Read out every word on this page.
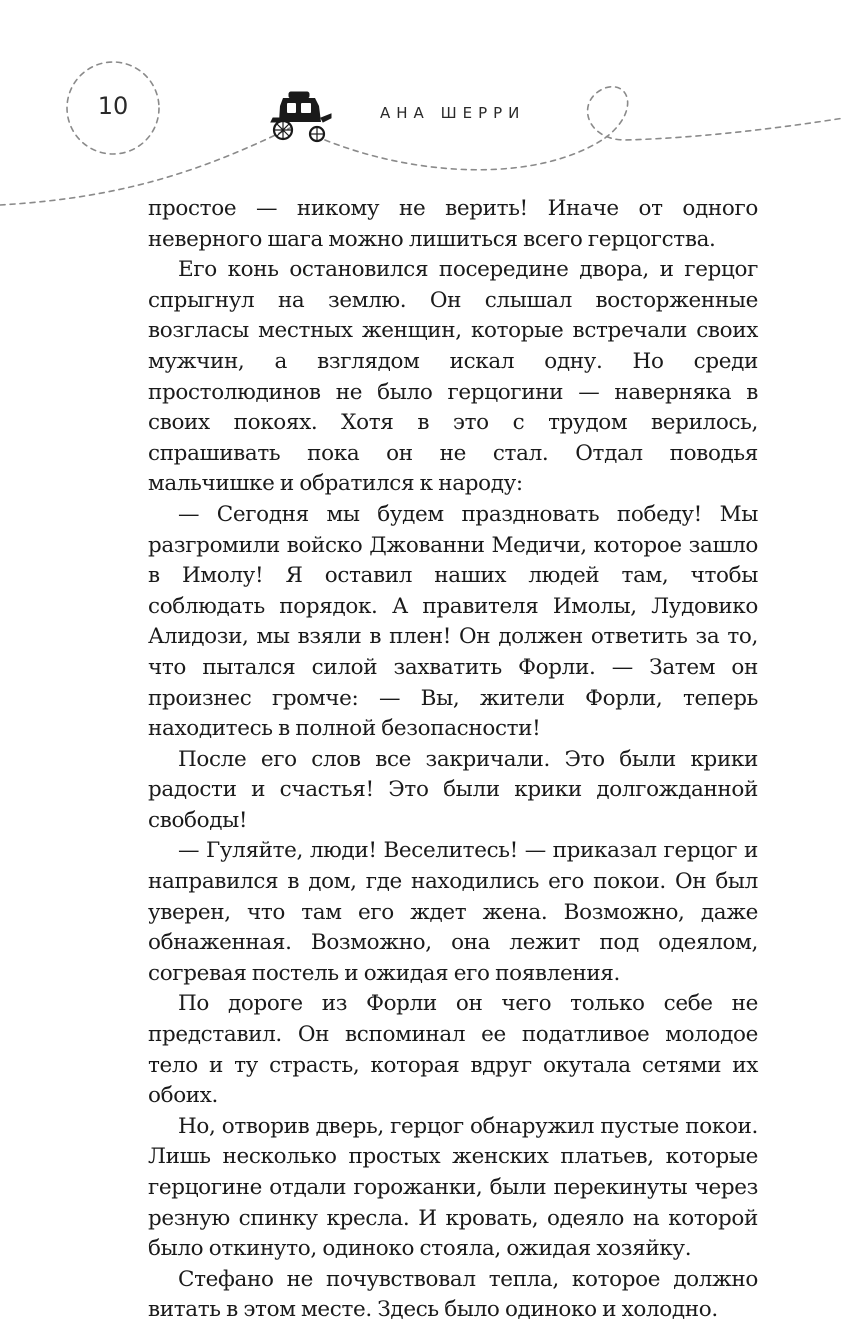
10	АНА ШЕРРИ

простое — никому не верить! Иначе от одного неверного шага можно лишиться всего герцогства.

Его конь остановился посередине двора, и герцог спрыгнул на землю. Он слышал восторженные возгласы местных женщин, которые встречали своих мужчин, а взглядом искал одну. Но среди простолюдинов не было герцогини — наверняка в своих покоях. Хотя в это с трудом верилось, спрашивать пока он не стал. Отдал поводья мальчишке и обратился к народу:

— Сегодня мы будем праздновать победу! Мы разгромили войско Джованни Медичи, которое зашло в Имолу! Я оставил наших людей там, чтобы соблюдать порядок. А правителя Имолы, Лудовико Алидози, мы взяли в плен! Он должен ответить за то, что пытался силой захватить Форли. — Затем он произнес громче: — Вы, жители Форли, теперь находитесь в полной безопасности!

После его слов все закричали. Это были крики радости и счастья! Это были крики долгожданной свободы!

— Гуляйте, люди! Веселитесь! — приказал герцог и направился в дом, где находились его покои. Он был уверен, что там его ждет жена. Возможно, даже обнаженная. Возможно, она лежит под одеялом, согревая постель и ожидая его появления.

По дороге из Форли он чего только себе не представил. Он вспоминал ее податливое молодое тело и ту страсть, которая вдруг окутала сетями их обоих.

Но, отворив дверь, герцог обнаружил пустые покои. Лишь несколько простых женских платьев, которые герцогине отдали горожанки, были перекинуты через резную спинку кресла. И кровать, одеяло на которой было откинуто, одиноко стояла, ожидая хозяйку.

Стефано не почувствовал тепла, которое должно витать в этом месте. Здесь было одиноко и холодно.
